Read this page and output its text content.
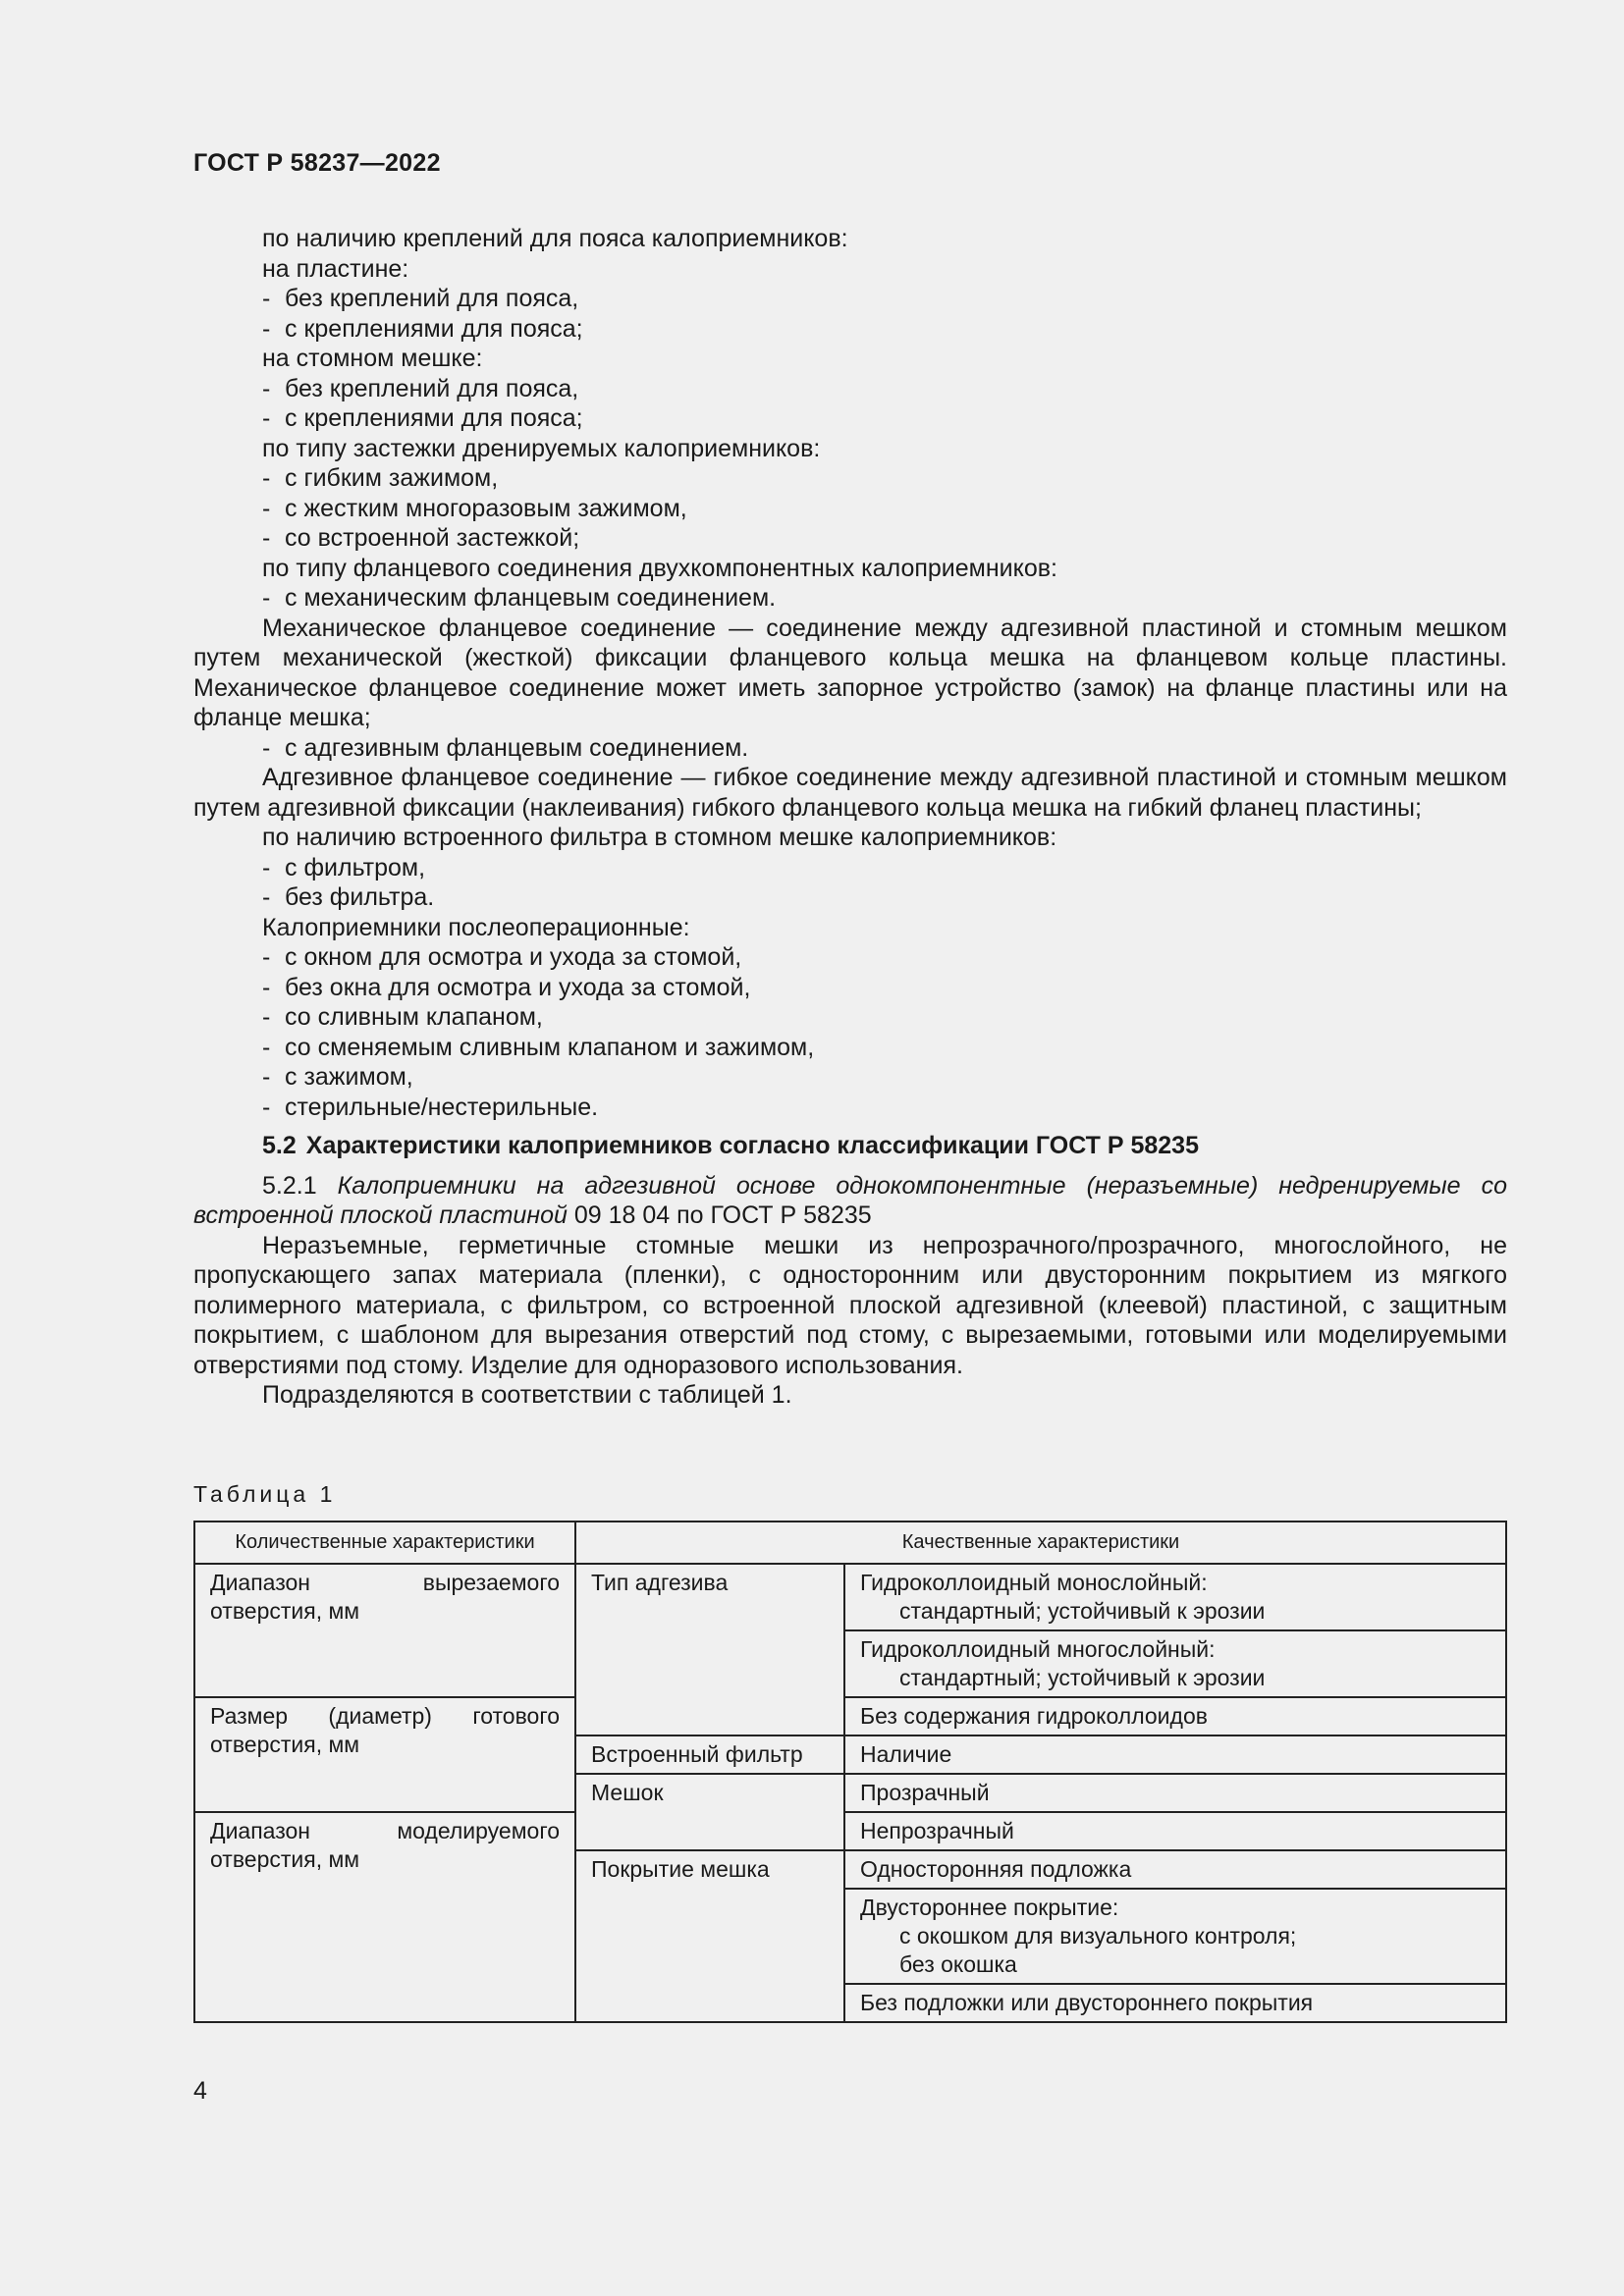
ГОСТ Р 58237—2022

по наличию креплений для пояса калоприемников:

на пластине:

- без креплений для пояса,

- с креплениями для пояса;

на стомном мешке:

- без креплений для пояса,

- с креплениями для пояса;

по типу застежки дренируемых калоприемников:

- с гибким зажимом,

- с жестким многоразовым зажимом,

- со встроенной застежкой;

по типу фланцевого соединения двухкомпонентных калоприемников:

- с механическим фланцевым соединением.

Механическое фланцевое соединение — соединение между адгезивной пластиной и стомным мешком путем механической (жесткой) фиксации фланцевого кольца мешка на фланцевом кольце пластины. Механическое фланцевое соединение может иметь запорное устройство (замок) на фланце пластины или на фланце мешка;

- с адгезивным фланцевым соединением.

Адгезивное фланцевое соединение — гибкое соединение между адгезивной пластиной и стомным мешком путем адгезивной фиксации (наклеивания) гибкого фланцевого кольца мешка на гибкий фланец пластины;

по наличию встроенного фильтра в стомном мешке калоприемников:

- с фильтром,

- без фильтра.

Калоприемники послеоперационные:

- с окном для осмотра и ухода за стомой,

- без окна для осмотра и ухода за стомой,

- со сливным клапаном,

- со сменяемым сливным клапаном и зажимом,

- с зажимом,

- стерильные/нестерильные.

5.2 Характеристики калоприемников согласно классификации ГОСТ Р 58235

5.2.1 Калоприемники на адгезивной основе однокомпонентные (неразъемные) недренируемые со встроенной плоской пластиной 09 18 04 по ГОСТ Р 58235

Неразъемные, герметичные стомные мешки из непрозрачного/прозрачного, многослойного, не пропускающего запах материала (пленки), с односторонним или двусторонним покрытием из мягкого полимерного материала, с фильтром, со встроенной плоской адгезивной (клеевой) пластиной, с защитным покрытием, с шаблоном для вырезания отверстий под стому, с вырезаемыми, готовыми или моделируемыми отверстиями под стому. Изделие для одноразового использования.

Подразделяются в соответствии с таблицей 1.

Таблица 1
Количественные характеристики	Качественные характеристики	
Диапазон вырезаемого отверстия, мм	Тип адгезива	Гидроколлоидный монослойный:
стандартный; устойчивый к эрозии

		Гидроколлоидный многослойный:
стандартный; устойчивый к эрозии

Размер (диаметр) готового отверстия, мм		Без содержания гидроколлоидов
	Встроенный фильтр	Наличие
	Мешок	Прозрачный
Диапазон моделируемого отверстия, мм		Непрозрачный
	Покрытие мешка	Односторонняя подложка
		Двустороннее покрытие:
с окошком для визуального контроля;
без окошка

		Без подложки или двустороннего покрытия
4
